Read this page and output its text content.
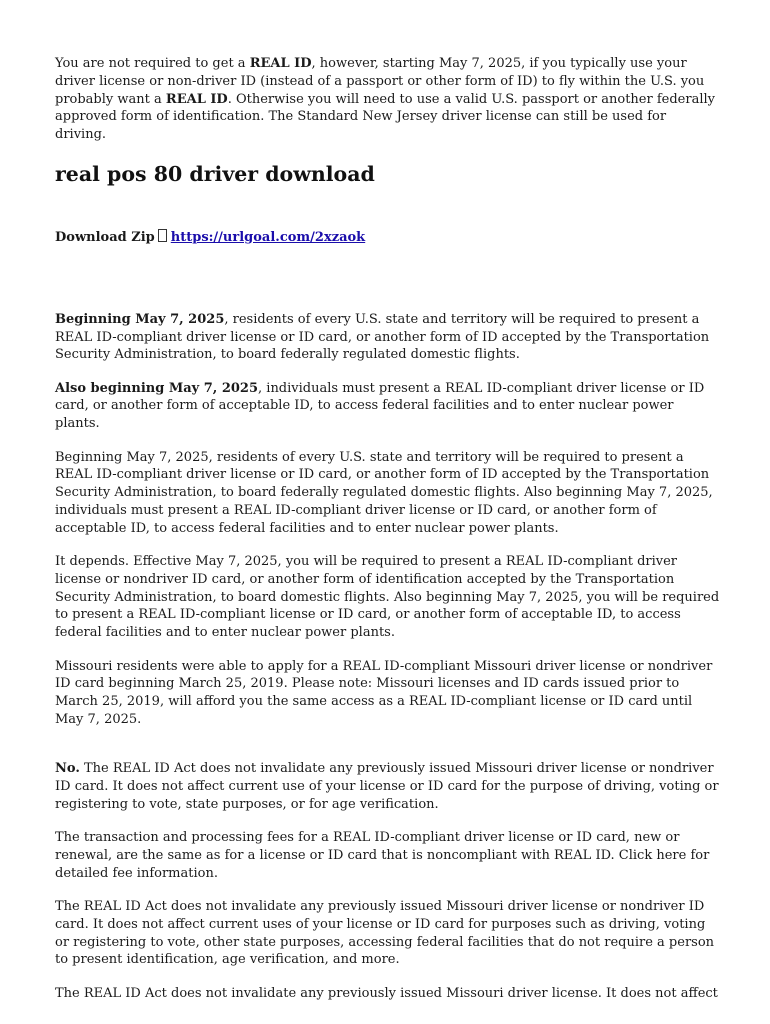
You are not required to get a REAL ID, however, starting May 7, 2025, if you typically use your driver license or non-driver ID (instead of a passport or other form of ID) to fly within the U.S. you probably want a REAL ID. Otherwise you will need to use a valid U.S. passport or another federally approved form of identification. The Standard New Jersey driver license can still be used for driving.

real pos 80 driver download

Download Zip https://urlgoal.com/2xzaok

Beginning May 7, 2025, residents of every U.S. state and territory will be required to present a REAL ID-compliant driver license or ID card, or another form of ID accepted by the Transportation Security Administration, to board federally regulated domestic flights.

Also beginning May 7, 2025, individuals must present a REAL ID-compliant driver license or ID card, or another form of acceptable ID, to access federal facilities and to enter nuclear power plants.

Beginning May 7, 2025, residents of every U.S. state and territory will be required to present a REAL ID-compliant driver license or ID card, or another form of ID accepted by the Transportation Security Administration, to board federally regulated domestic flights. Also beginning May 7, 2025, individuals must present a REAL ID-compliant driver license or ID card, or another form of acceptable ID, to access federal facilities and to enter nuclear power plants.

It depends. Effective May 7, 2025, you will be required to present a REAL ID-compliant driver license or nondriver ID card, or another form of identification accepted by the Transportation Security Administration, to board domestic flights. Also beginning May 7, 2025, you will be required to present a REAL ID-compliant license or ID card, or another form of acceptable ID, to access federal facilities and to enter nuclear power plants.

Missouri residents were able to apply for a REAL ID-compliant Missouri driver license or nondriver ID card beginning March 25, 2019. Please note: Missouri licenses and ID cards issued prior to March 25, 2019, will afford you the same access as a REAL ID-compliant license or ID card until May 7, 2025.

No. The REAL ID Act does not invalidate any previously issued Missouri driver license or nondriver ID card. It does not affect current use of your license or ID card for the purpose of driving, voting or registering to vote, state purposes, or for age verification.

The transaction and processing fees for a REAL ID-compliant driver license or ID card, new or renewal, are the same as for a license or ID card that is noncompliant with REAL ID. Click here for detailed fee information.

The REAL ID Act does not invalidate any previously issued Missouri driver license or nondriver ID card. It does not affect current uses of your license or ID card for purposes such as driving, voting or registering to vote, other state purposes, accessing federal facilities that do not require a person to present identification, age verification, and more.

The REAL ID Act does not invalidate any previously issued Missouri driver license. It does not affect
